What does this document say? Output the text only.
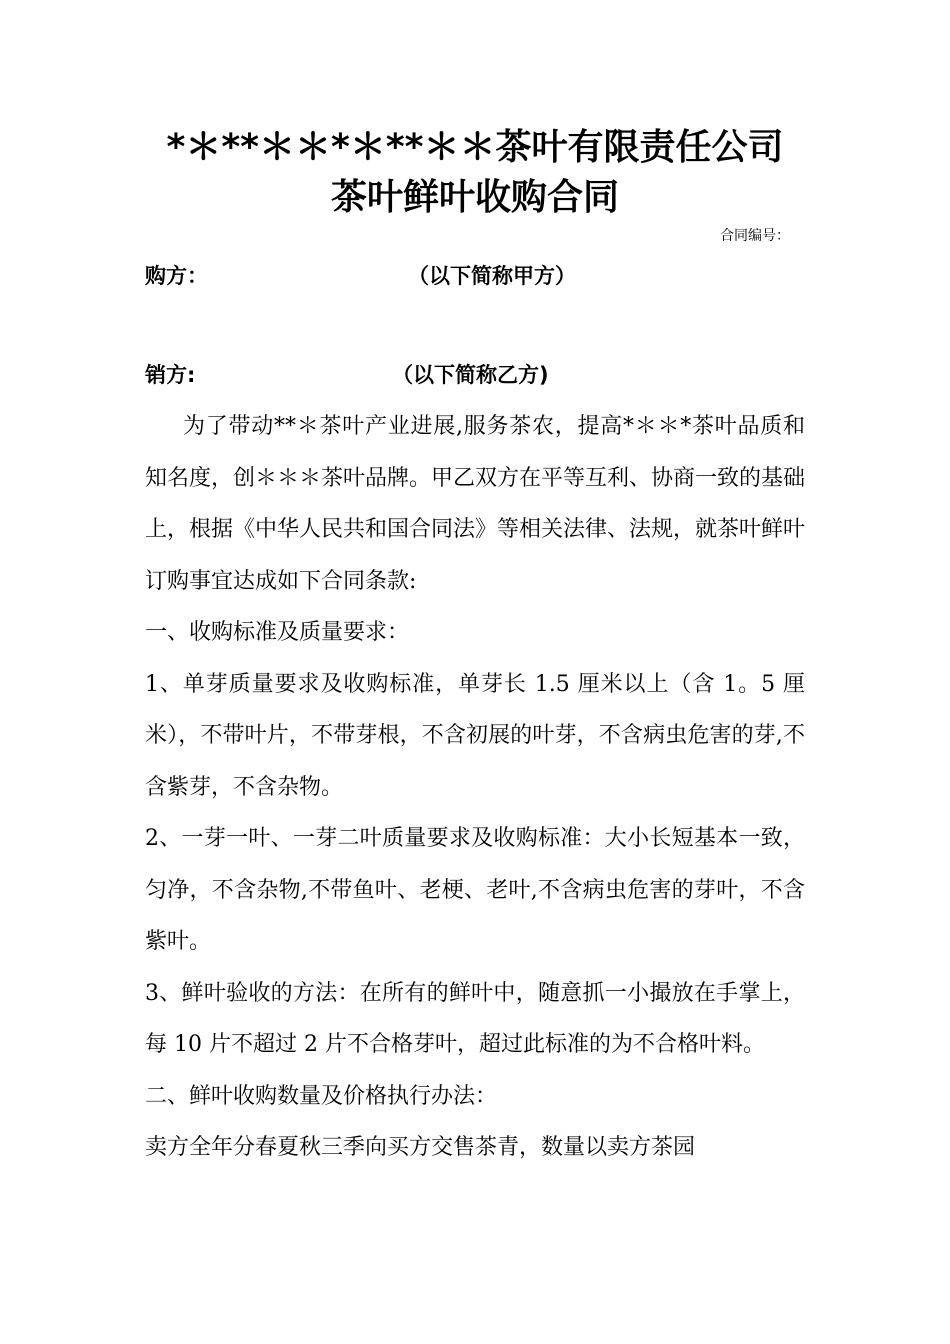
*＊**＊＊*＊**＊＊茶叶有限责任公司
茶叶鲜叶收购合同
合同编号：
购方：	（以下简称甲方）
销方:	（以下简称乙方)

为了带动**＊茶叶产业进展,服务茶农，提高*＊＊*茶叶品质和知名度，创＊＊＊茶叶品牌。甲乙双方在平等互利、协商一致的基础上，根据《中华人民共和国合同法》等相关法律、法规，就茶叶鲜叶订购事宜达成如下合同条款:

一、收购标准及质量要求：

1、单芽质量要求及收购标准，单芽长 1.5 厘米以上（含 1。5 厘米），不带叶片，不带芽根，不含初展的叶芽，不含病虫危害的芽,不含紫芽，不含杂物。

2、一芽一叶、一芽二叶质量要求及收购标准：大小长短基本一致，匀净，不含杂物,不带鱼叶、老梗、老叶,不含病虫危害的芽叶，不含紫叶。

3、鲜叶验收的方法：在所有的鲜叶中，随意抓一小撮放在手掌上，每 10 片不超过 2 片不合格芽叶，超过此标准的为不合格叶料。

二、鲜叶收购数量及价格执行办法：

卖方全年分春夏秋三季向买方交售茶青，数量以卖方茶园
